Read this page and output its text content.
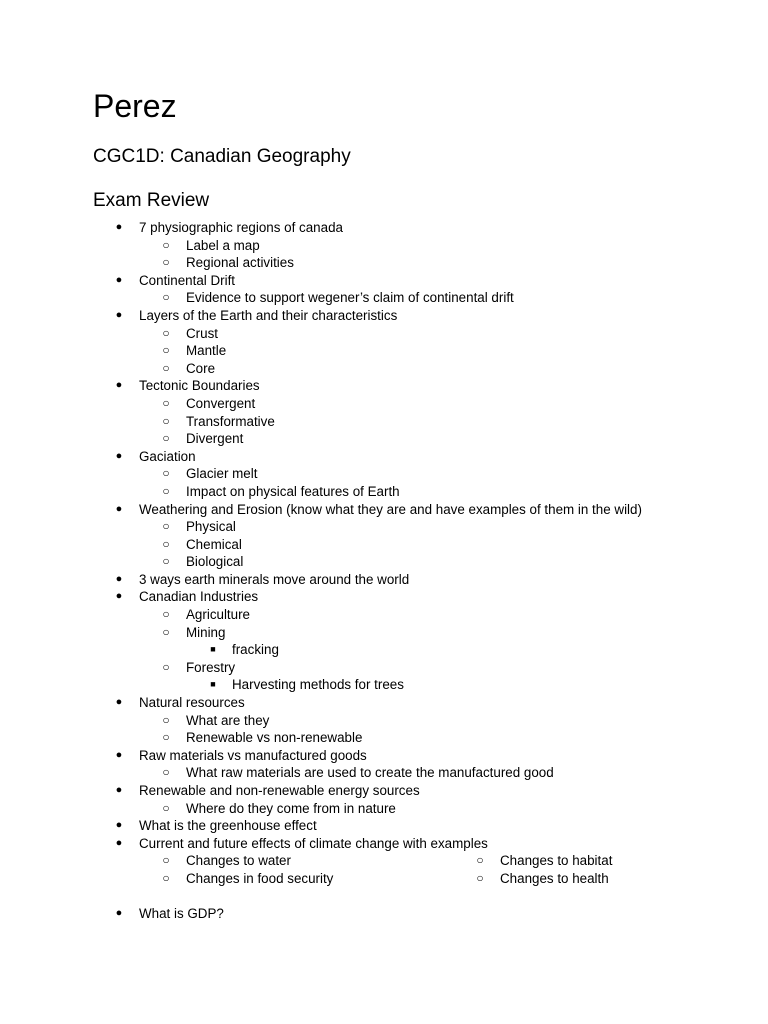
Perez
CGC1D: Canadian Geography
Exam Review
● 7 physiographic regions of canada
○ Label a map
○ Regional activities
● Continental Drift
○ Evidence to support wegener’s claim of continental drift
● Layers of the Earth and their characteristics
○ Crust
○ Mantle
○ Core
● Tectonic Boundaries
○ Convergent
○ Transformative
○ Divergent
● Gaciation
○ Glacier melt
○ Impact on physical features of Earth
● Weathering and Erosion (know what they are and have examples of them in the wild)
○ Physical
○ Chemical
○ Biological
● 3 ways earth minerals move around the world
● Canadian Industries
○ Agriculture
○ Mining
■ fracking
○ Forestry
■ Harvesting methods for trees
● Natural resources
○ What are they
○ Renewable vs non-renewable
● Raw materials vs manufactured goods
○ What raw materials are used to create the manufactured good
● Renewable and non-renewable energy sources
○ Where do they come from in nature
● What is the greenhouse effect
● Current and future effects of climate change with examples
○ Changes to water	○ Changes to habitat
○ Changes in food security	○ Changes to health
● What is GDP?
